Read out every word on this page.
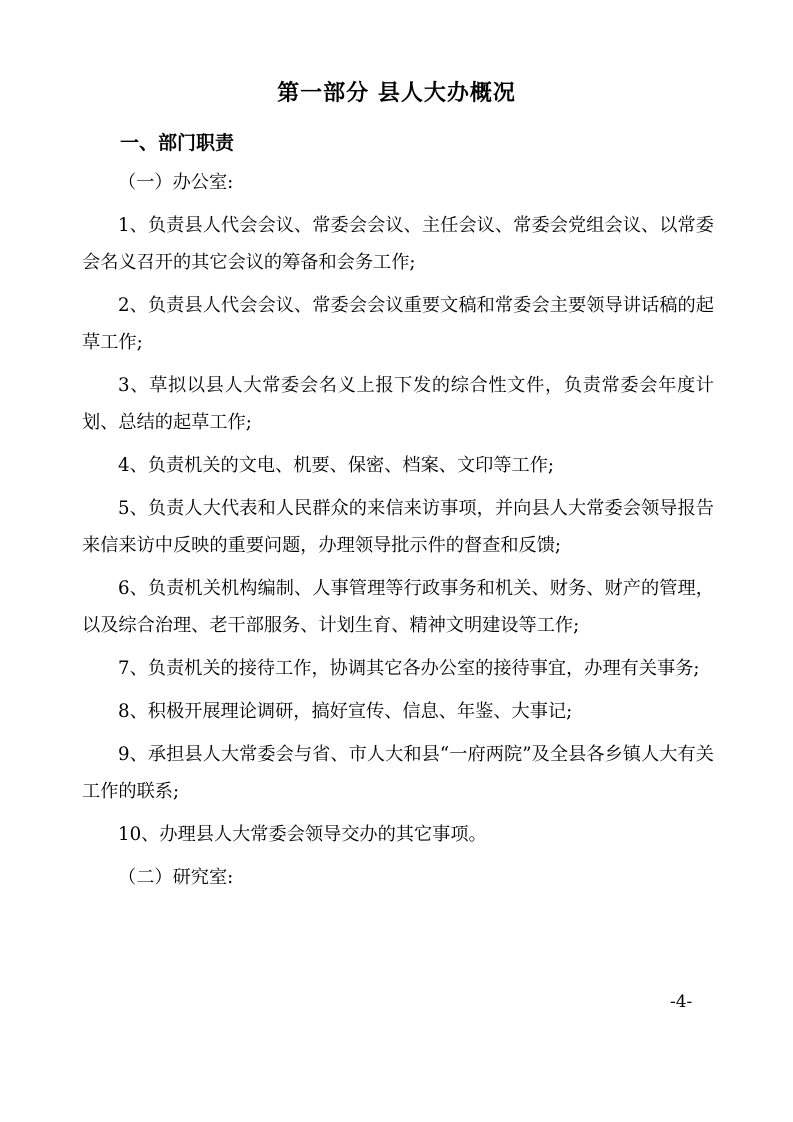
第一部分 县人大办概况
一、部门职责

（一）办公室:

1、负责县人代会会议、常委会会议、主任会议、常委会党组会议、以常委会名义召开的其它会议的筹备和会务工作;

2、负责县人代会会议、常委会会议重要文稿和常委会主要领导讲话稿的起草工作;

3、草拟以县人大常委会名义上报下发的综合性文件，负责常委会年度计划、总结的起草工作;

4、负责机关的文电、机要、保密、档案、文印等工作;

5、负责人大代表和人民群众的来信来访事项，并向县人大常委会领导报告来信来访中反映的重要问题，办理领导批示件的督查和反馈;

6、负责机关机构编制、人事管理等行政事务和机关、财务、财产的管理，以及综合治理、老干部服务、计划生育、精神文明建设等工作;

7、负责机关的接待工作，协调其它各办公室的接待事宜，办理有关事务;

8、积极开展理论调研，搞好宣传、信息、年鉴、大事记;

9、承担县人大常委会与省、市人大和县“一府两院”及全县各乡镇人大有关工作的联系;

10、办理县人大常委会领导交办的其它事项。

（二）研究室:

-4-
